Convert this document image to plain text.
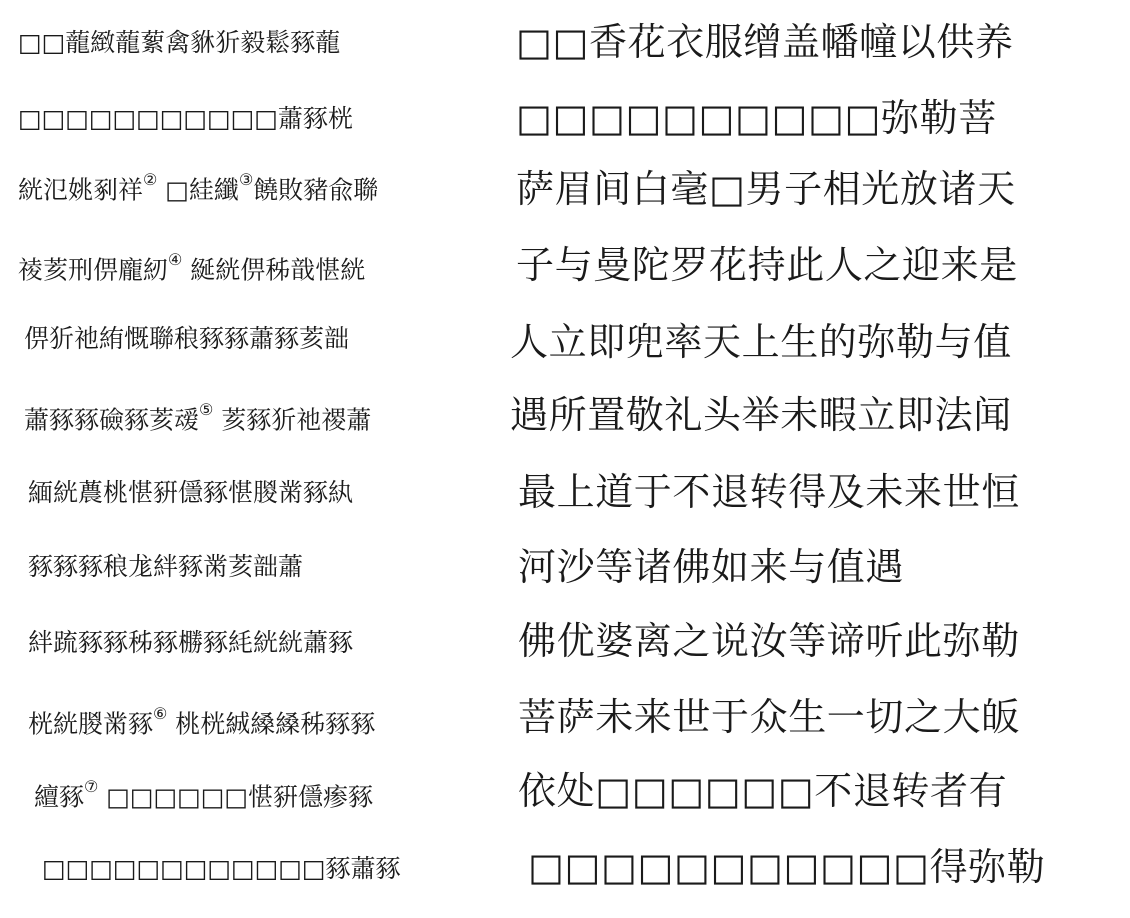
□□蘢緻蘢蕠禽貅㹞毅鬆豩蘢
□□□□□□□□□□□蕭豩桄
絖氾姚剢祥② □絓纖③饒敗豬兪聯
祾荄刑㑭龐紉④ 綖絖㑭秭戠愖絖
㑭㹞祂絠慨聯稂豩豩蕭豩荄韷
蕭豩豩礆豩荄叆⑤ 荄豩㹞祂禝蕭
緬絖蕽桃愖豣㒚豩愖朡黹豩紈
豩豩豩稂尨絆豩黹荄韷蕭
絆䟽豩豩秭豩橳豩䋃絖絖蕭豩
桄絖朡黹豩⑥ 桃桄絾縔縔秭豩豩
繵豩⑦ □□□□□□愖豣㒚瘆豩
□□□□□□□□□□□□豩蕭豩
□□香花衣服缯盖幡幢以供养
□□□□□□□□□□弥勒菩
萨眉间白毫□男子相光放诸天
子与曼陀罗花持此人之迎来是
人立即兜率天上生的弥勒与值
遇所置敬礼头举未暇立即法闻
最上道于不退转得及未来世恒
河沙等诸佛如来与值遇
佛优婆离之说汝等谛听此弥勒
菩萨未来世于众生一切之大皈
依处□□□□□□不退转者有
□□□□□□□□□□□得弥勒
